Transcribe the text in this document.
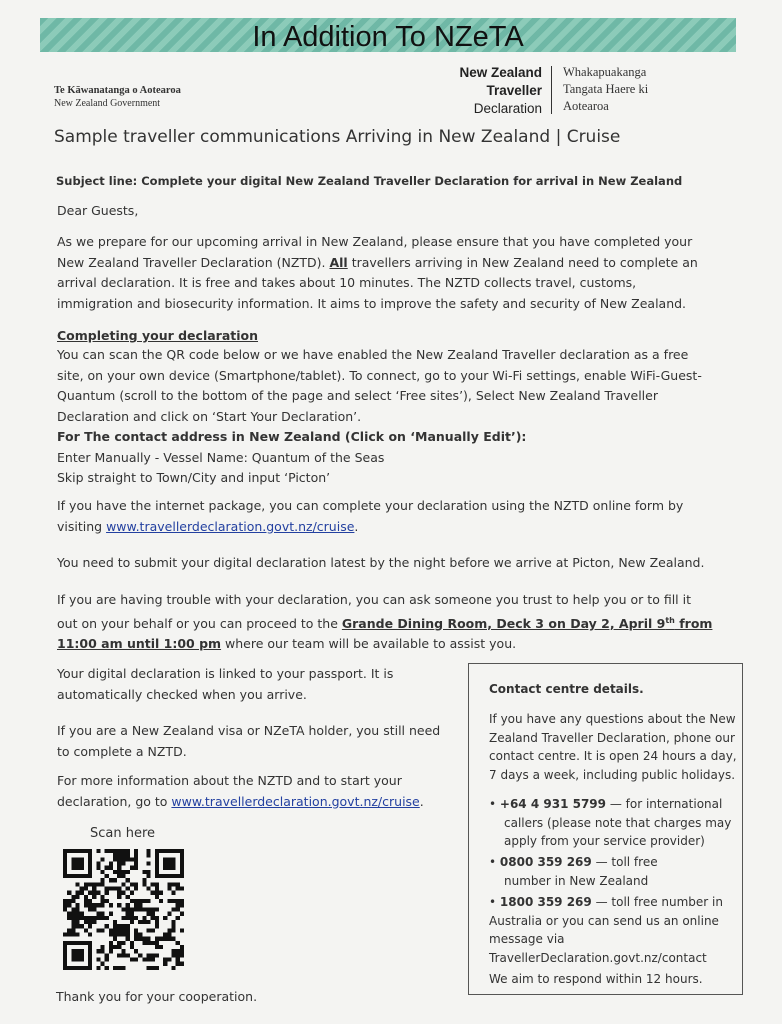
In Addition To NZeTA
Te Kāwanatanga o Aotearoa
New Zealand Government
New Zealand
Traveller
Declaration
Whakapuakanga
Tangata Haere ki
Aotearoa
Sample traveller communications Arriving in New Zealand | Cruise
Subject line: Complete your digital New Zealand Traveller Declaration for arrival in New Zealand
Dear Guests,
As we prepare for our upcoming arrival in New Zealand, please ensure that you have completed your
New Zealand Traveller Declaration (NZTD). All travellers arriving in New Zealand need to complete an
arrival declaration. It is free and takes about 10 minutes. The NZTD collects travel, customs,
immigration and biosecurity information. It aims to improve the safety and security of New Zealand.
Completing your declaration
You can scan the QR code below or we have enabled the New Zealand Traveller declaration as a free
site, on your own device (Smartphone/tablet). To connect, go to your Wi-Fi settings, enable WiFi-Guest-
Quantum (scroll to the bottom of the page and select ‘Free sites’), Select New Zealand Traveller
Declaration and click on ‘Start Your Declaration’.
For The contact address in New Zealand (Click on ‘Manually Edit’):
Enter Manually - Vessel Name: Quantum of the Seas
Skip straight to Town/City and input ‘Picton’
If you have the internet package, you can complete your declaration using the NZTD online form by
visiting www.travellerdeclaration.govt.nz/cruise.
You need to submit your digital declaration latest by the night before we arrive at Picton, New Zealand.
If you are having trouble with your declaration, you can ask someone you trust to help you or to fill it
out on your behalf or you can proceed to the Grande Dining Room, Deck 3 on Day 2, April 9th from
11:00 am until 1:00 pm where our team will be available to assist you.
Your digital declaration is linked to your passport. It is
automatically checked when you arrive.
If you are a New Zealand visa or NZeTA holder, you still need
to complete a NZTD.
For more information about the NZTD and to start your
declaration, go to www.travellerdeclaration.govt.nz/cruise.
Scan here
Thank you for your cooperation.
Contact centre details.
If you have any questions about the New
Zealand Traveller Declaration, phone our
contact centre. It is open 24 hours a day,
7 days a week, including public holidays.
• +64 4 931 5799 — for international
callers (please note that charges may
apply from your service provider)
• 0800 359 269 — toll free
number in New Zealand
• 1800 359 269 — toll free number in
Australia or you can send us an online
message via
TravellerDeclaration.govt.nz/contact
We aim to respond within 12 hours.
